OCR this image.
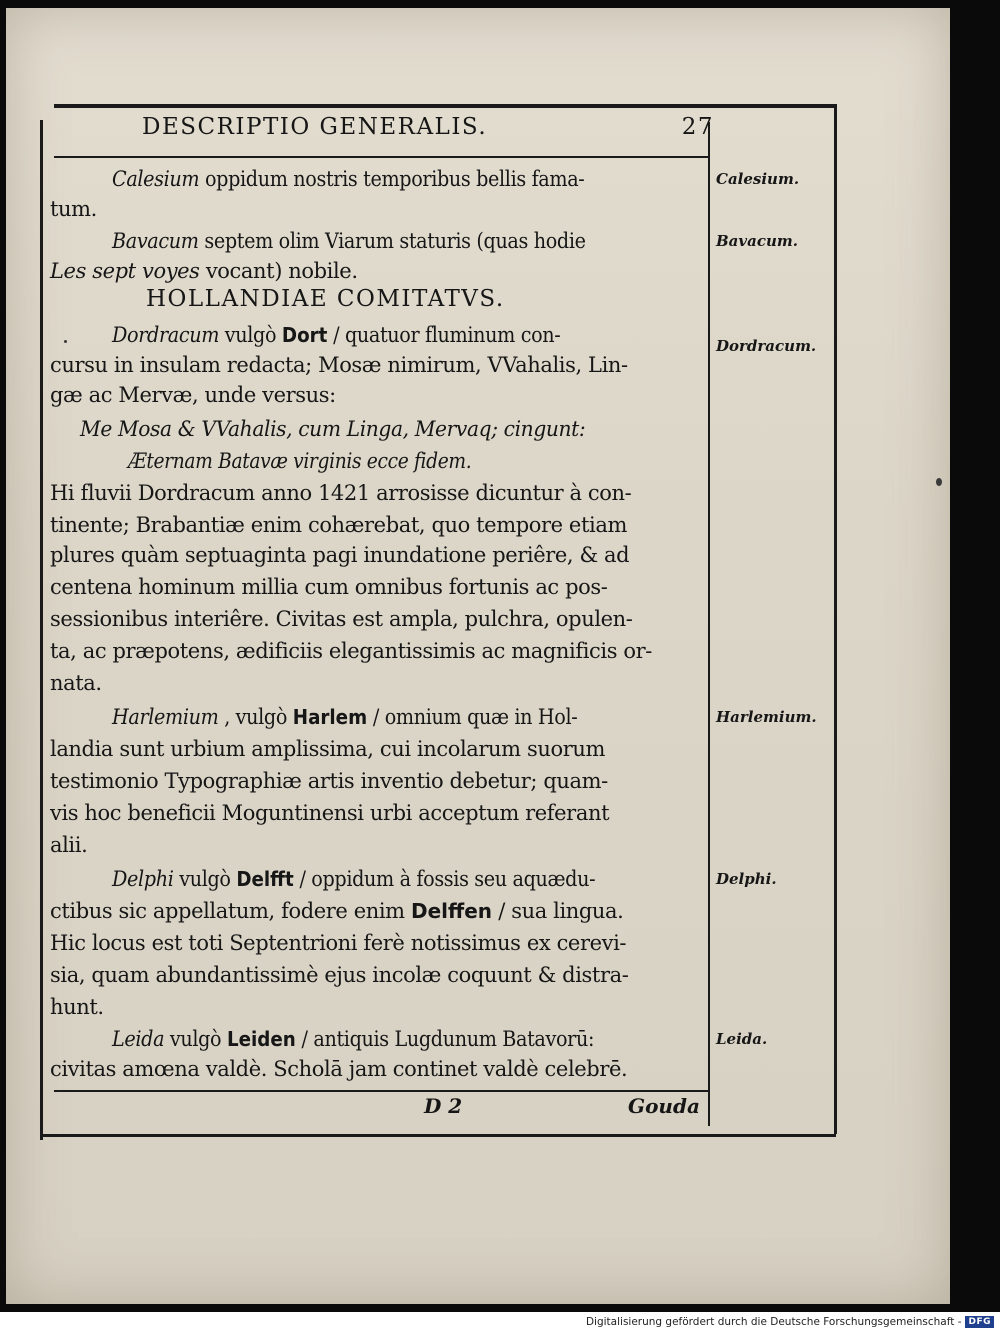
DESCRIPTIO GENERALIS.	27
Calesium oppidum nostris temporibus bellis fama-
tum.
Bavacum septem olim Viarum staturis (quas hodie
Les sept voyes vocant) nobile.
Dordracum vulgò Dort / quatuor fluminum con-
cursu in insulam redacta; Mosæ nimirum, VVahalis, Lin-
gæ ac Mervæ, unde versus:
Me Mosa & VVahalis, cum Linga, Mervaq; cingunt:
Æternam Batavæ virginis ecce fidem.
Hi fluvii Dordracum anno 1421 arrosisse dicuntur à con-
tinente; Brabantiæ enim cohærebat, quo tempore etiam
plures quàm septuaginta pagi inundatione periêre, & ad
centena hominum millia cum omnibus fortunis ac pos-
sessionibus interiêre. Civitas est ampla, pulchra, opulen-
ta, ac præpotens, ædificiis elegantissimis ac magnificis or-
nata.
Harlemium , vulgò Harlem / omnium quæ in Hol-
landia sunt urbium amplissima, cui incolarum suorum
testimonio Typographiæ artis inventio debetur; quam-
vis hoc beneficii Moguntinensi urbi acceptum referant
alii.
Delphi vulgò Delfft / oppidum à fossis seu aquædu-
ctibus sic appellatum, fodere enim Delffen / sua lingua.
Hic locus est toti Septentrioni ferè notissimus ex cerevi-
sia, quam abundantissimè ejus incolæ coquunt & distra-
hunt.
Leida vulgò Leiden / antiquis Lugdunum Batavorū:
civitas amœna valdè. Scholā jam continet valdè celebrē.
HOLLANDIAE COMITATVS.
Calesium.
Bavacum.
Dordracum.
Harlemium.
Delphi.
Leida.
D 2	Gouda
Digitalisierung gefördert durch die Deutsche Forschungsgemeinschaft - DFG
